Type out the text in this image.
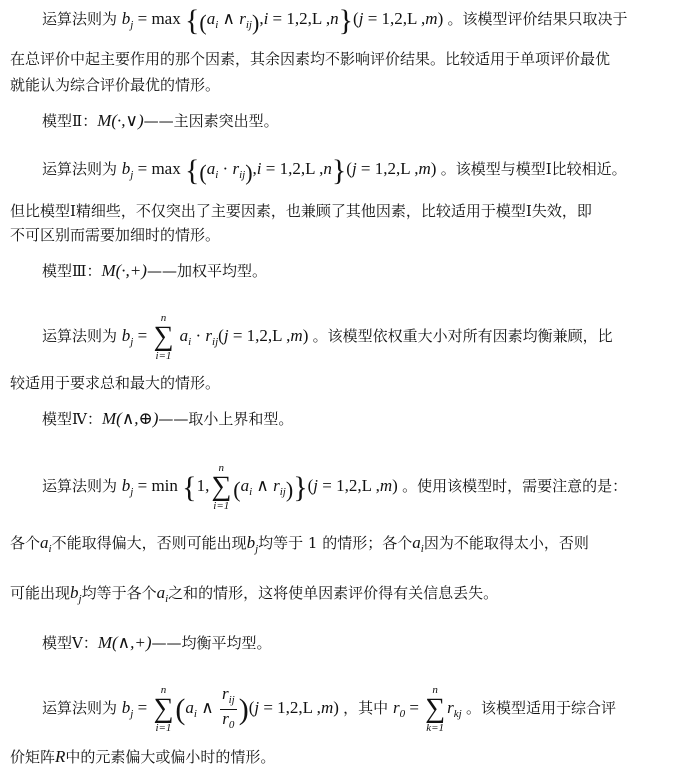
运算法则为 $b_j = \max \{(a_i$ ∧ $r_{ij}),i = 1,2,L$ ,n}(j = 1,2,L ,m) 。该模型评价结果只取决于
在总评价中起主要作用的那个因素，其余因素均不影响评价结果。比较适用于单项评价最优
就能认为综合评价最优的情形。
模型Ⅱ：M(·,∨)——主因素突出型。
运算法则为 $b_j = \max \{(a_i \cdot r_{ij}),i = 1,2,L$ ,n}(j = 1,2,L ,m) 。该模型与模型Ⅰ比较相近。
但比模型Ⅰ精细些，不仅突出了主要因素，也兼顾了其他因素，比较适用于模型Ⅰ失效，即
不可区别而需要加细时的情形。
模型Ⅲ：M(·,+)——加权平均型。
运算法则为 $b_j$ =
n
∑
i=1
$a_i \cdot r_{ij}(j = 1,2,L$ ,m) 。该模型依权重大小对所有因素均衡兼顾，比
较适用于要求总和最大的情形。
模型Ⅳ：M(∧,⊕)——取小上界和型。
运算法则为 $b_j = \min \{1$,
n
∑
i=1
($a_i$ ∧ $r_{ij})\}(j = 1,2,L$ ,m) 。使用该模型时，需要注意的是：
各个$a_i$不能取得偏大，否则可能出现$b_j$均等于 1 的情形；各个$a_i$因为不能取得太小，否则
可能出现$b_j$均等于各个$a_i$之和的情形，这将使单因素评价得有关信息丢失。
模型Ⅴ：M(∧,+)——均衡平均型。
运算法则为 $b_j$ =
n
∑
i=1
($a_i$ ∧ $\frac{r_{ij}}{r_0} )(j = 1,2,L$ ,m) ，其中 $r_0$ =
n
∑
k=1
$r_{kj}$ 。该模型适用于综合评
价矩阵R中的元素偏大或偏小时的情形。
